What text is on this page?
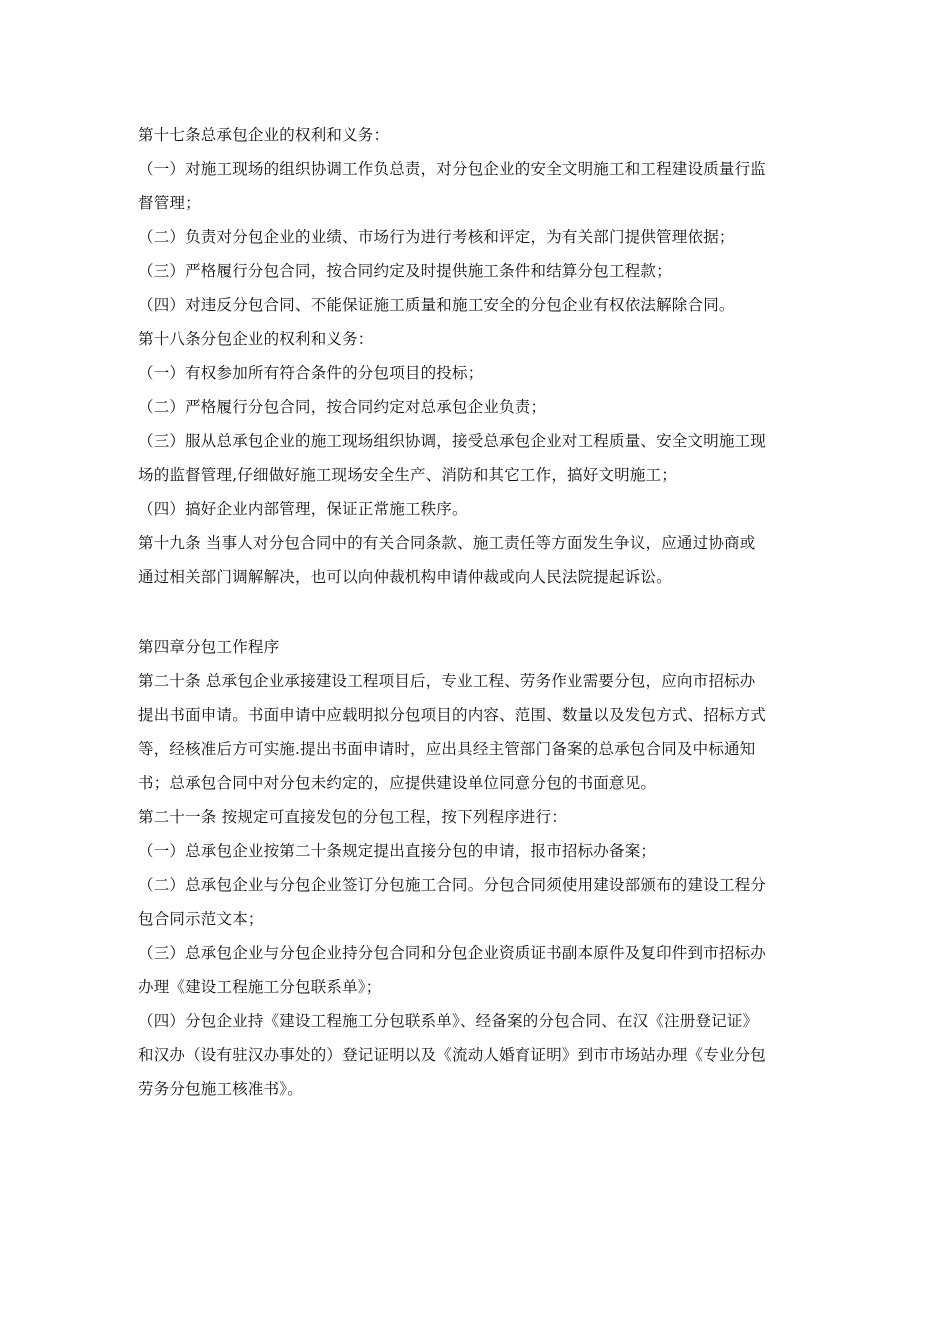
第十七条总承包企业的权利和义务：
（一）对施工现场的组织协调工作负总责，对分包企业的安全文明施工和工程建设质量行监
督管理；
（二）负责对分包企业的业绩、市场行为进行考核和评定，为有关部门提供管理依据；
（三）严格履行分包合同，按合同约定及时提供施工条件和结算分包工程款；
（四）对违反分包合同、不能保证施工质量和施工安全的分包企业有权依法解除合同。
第十八条分包企业的权利和义务：
（一）有权参加所有符合条件的分包项目的投标；
（二）严格履行分包合同，按合同约定对总承包企业负责；
（三）服从总承包企业的施工现场组织协调，接受总承包企业对工程质量、安全文明施工现
场的监督管理,仔细做好施工现场安全生产、消防和其它工作，搞好文明施工；
（四）搞好企业内部管理，保证正常施工秩序。
第十九条 当事人对分包合同中的有关合同条款、施工责任等方面发生争议，应通过协商或
通过相关部门调解解决，也可以向仲裁机构申请仲裁或向人民法院提起诉讼。
第四章分包工作程序
第二十条 总承包企业承接建设工程项目后，专业工程、劳务作业需要分包，应向市招标办
提出书面申请。书面申请中应载明拟分包项目的内容、范围、数量以及发包方式、招标方式
等，经核准后方可实施.提出书面申请时，应出具经主管部门备案的总承包合同及中标通知
书；总承包合同中对分包未约定的，应提供建设单位同意分包的书面意见。
第二十一条 按规定可直接发包的分包工程，按下列程序进行：
（一）总承包企业按第二十条规定提出直接分包的申请，报市招标办备案；
（二）总承包企业与分包企业签订分包施工合同。分包合同须使用建设部颁布的建设工程分
包合同示范文本；
（三）总承包企业与分包企业持分包合同和分包企业资质证书副本原件及复印件到市招标办
办理《建设工程施工分包联系单》；
（四）分包企业持《建设工程施工分包联系单》、经备案的分包合同、在汉《注册登记证》
和汉办（设有驻汉办事处的）登记证明以及《流动人婚育证明》到市市场站办理《专业分包
劳务分包施工核准书》。
